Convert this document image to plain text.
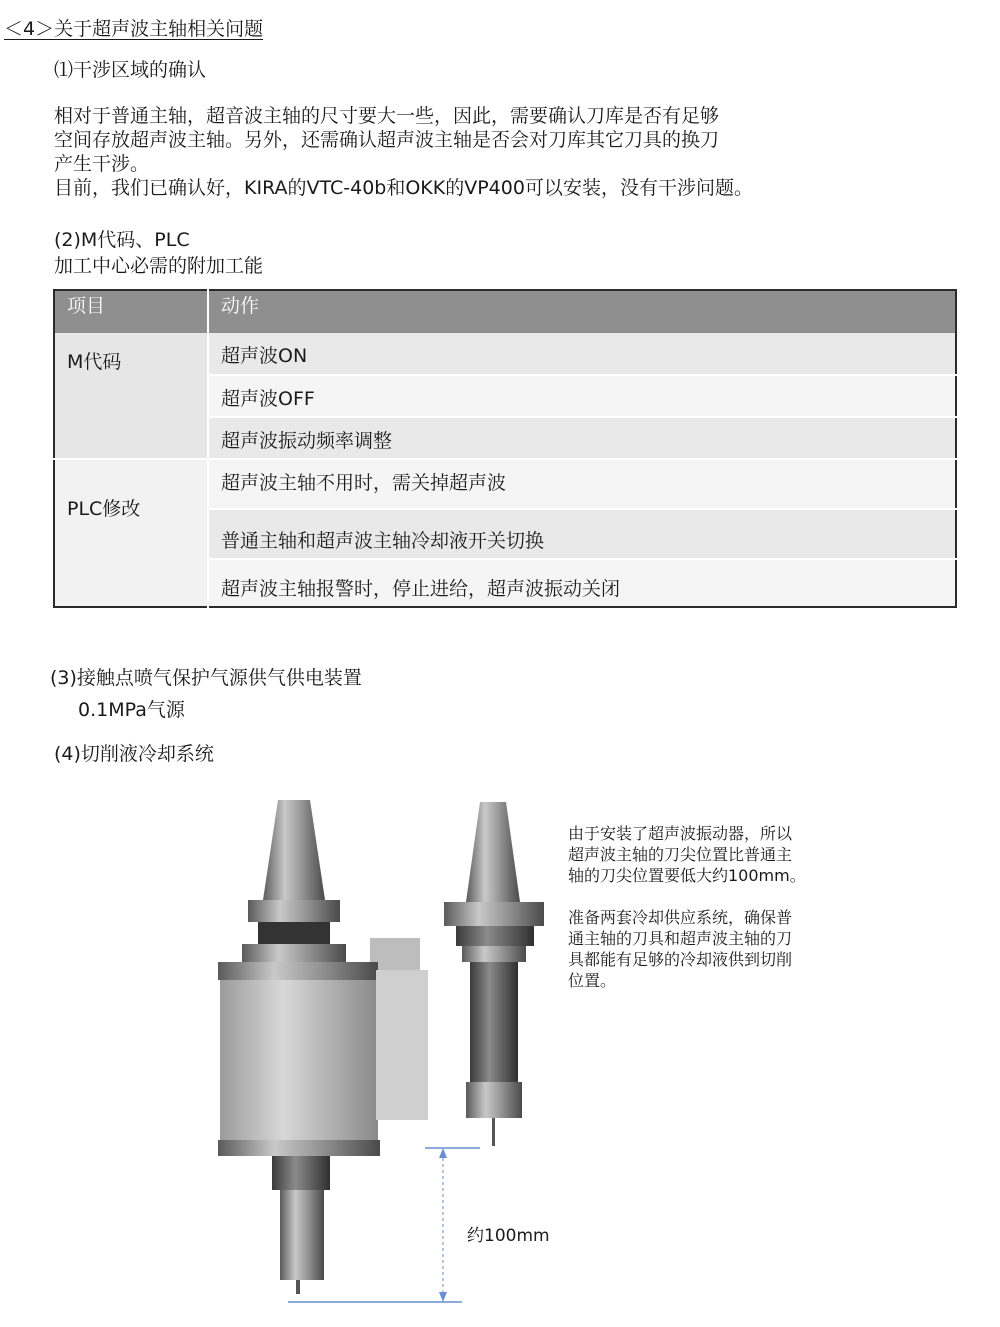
＜4＞关于超声波主轴相关问题
⑴干涉区域的确认
相对于普通主轴，超音波主轴的尺寸要大一些，因此，需要确认刀库是否有足够
空间存放超声波主轴。另外，还需确认超声波主轴是否会对刀库其它刀具的换刀
产生干涉。
目前，我们已确认好，KIRA的VTC-40b和OKK的VP400可以安装，没有干涉问题。
(2)M代码、PLC
加工中心必需的附加工能
项目	动作
M代码	超声波ON
	超声波OFF
	超声波振动频率调整
PLC修改	超声波主轴不用时，需关掉超声波
	普通主轴和超声波主轴冷却液开关切换
	超声波主轴报警时，停止进给，超声波振动关闭
(3)接触点喷气保护气源供气供电装置
0.1MPa气源
(4)切削液冷却系统
约100mm
由于安装了超声波振动器，所以
超声波主轴的刀尖位置比普通主
轴的刀尖位置要低大约100mm。
准备两套冷却供应系统，确保普
通主轴的刀具和超声波主轴的刀
具都能有足够的冷却液供到切削
位置。
